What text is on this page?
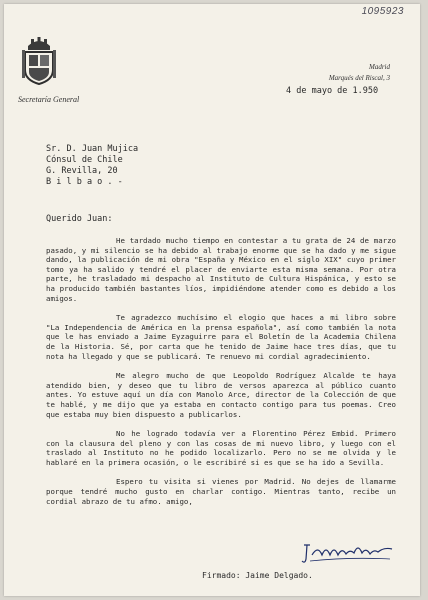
1095923
Secretaría General
Madrid
Marqués del Riscal, 3
4 de mayo de 1.950
Sr. D. Juan Mujica
Cónsul de Chile
G. Revilla, 20
B i l b a o . -
Querido Juan:

He tardado mucho tiempo en contestar a tu grata de 24 de marzo pasado, y mi silencio se ha debido al trabajo enorme que se ha dado y me sigue dando, la publicación de mi obra "España y México en el siglo XIX" cuyo primer tomo ya ha salido y tendré el placer de enviarte esta misma semana. Por otra parte, he trasladado mi despacho al Instituto de Cultura Hispánica, y esto se ha producido también bastantes líos, impidiéndome atender como es debido a los amigos.

Te agradezco muchísimo el elogio que haces a mi libro sobre "La Independencia de América en la prensa española", así como también la nota que le has enviado a Jaime Eyzaguirre para el Boletín de la Academia Chilena de la Historia. Sé, por carta que he tenido de Jaime hace tres días, que tu nota ha llegado y que se publicará. Te renuevo mi cordial agradecimiento.

Me alegro mucho de que Leopoldo Rodríguez Alcalde te haya atendido bien, y deseo que tu libro de versos aparezca al público cuanto antes. Yo estuve aquí un día con Manolo Arce, director de la Colección de que te hablé, y me dijo que ya estaba en contacto contigo para tus poemas. Creo que estaba muy bien dispuesto a publicarlos.

No he logrado todavía ver a Florentino Pérez Embid. Primero con la clausura del pleno y con las cosas de mi nuevo libro, y luego con el traslado al Instituto no he podido localizarlo. Pero no se me olvida y le hablaré en la primera ocasión, o le escribiré si es que se ha ido a Sevilla.

Espero tu visita si vienes por Madrid. No dejes de llamarme porque tendré mucho gusto en charlar contigo. Mientras tanto, recibe un cordial abrazo de tu afmo. amigo,

Firmado: Jaime Delgado.
